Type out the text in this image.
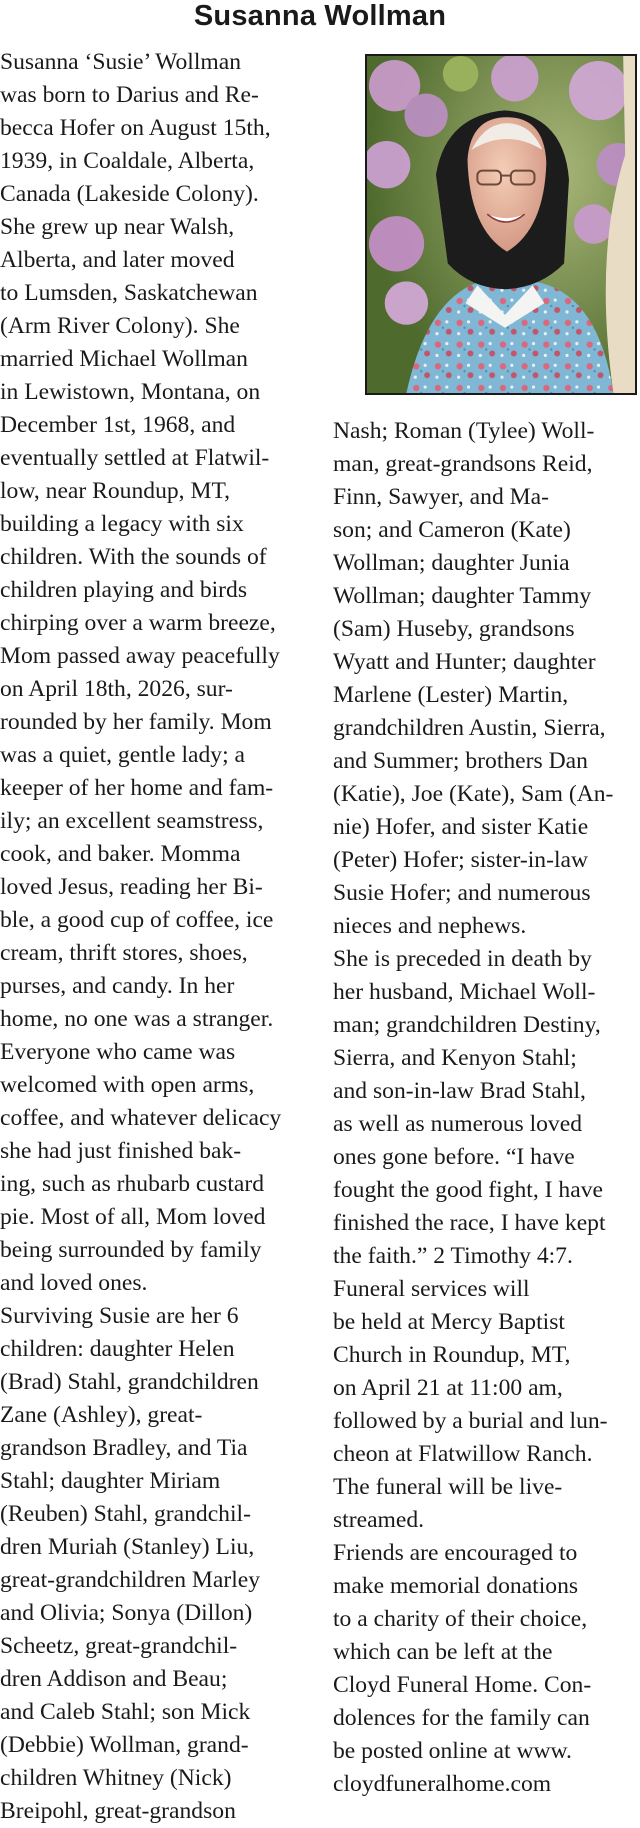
Susanna Wollman

Susanna ‘Susie’ Wollman
was born to Darius and Re-
becca Hofer on August 15th,
1939, in Coaldale, Alberta,
Canada (Lakeside Colony).
She grew up near Walsh,
Alberta, and later moved
to Lumsden, Saskatchewan
(Arm River Colony). She
married Michael Wollman
in Lewistown, Montana, on
December 1st, 1968, and
eventually settled at Flatwil-
low, near Roundup, MT,
building a legacy with six
children. With the sounds of
children playing and birds
chirping over a warm breeze,
Mom passed away peacefully
on April 18th, 2026, sur-
rounded by her family. Mom
was a quiet, gentle lady; a
keeper of her home and fam-
ily; an excellent seamstress,
cook, and baker. Momma
loved Jesus, reading her Bi-
ble, a good cup of coffee, ice
cream, thrift stores, shoes,
purses, and candy. In her
home, no one was a stranger.
Everyone who came was
welcomed with open arms,
coffee, and whatever delicacy
she had just finished bak-
ing, such as rhubarb custard
pie. Most of all, Mom loved
being surrounded by family
and loved ones.

Surviving Susie are her 6
children: daughter Helen
(Brad) Stahl, grandchildren
Zane (Ashley), great-
grandson Bradley, and Tia
Stahl; daughter Miriam
(Reuben) Stahl, grandchil-
dren Muriah (Stanley) Liu,
great-grandchildren Marley
and Olivia; Sonya (Dillon)
Scheetz, great-grandchil-
dren Addison and Beau;
and Caleb Stahl; son Mick
(Debbie) Wollman, grand-
children Whitney (Nick)
Breipohl, great-grandson

Nash; Roman (Tylee) Woll-
man, great-grandsons Reid,
Finn, Sawyer, and Ma-
son; and Cameron (Kate)
Wollman; daughter Junia
Wollman; daughter Tammy
(Sam) Huseby, grandsons
Wyatt and Hunter; daughter
Marlene (Lester) Martin,
grandchildren Austin, Sierra,
and Summer; brothers Dan
(Katie), Joe (Kate), Sam (An-
nie) Hofer, and sister Katie
(Peter) Hofer; sister-in-law
Susie Hofer; and numerous
nieces and nephews.

She is preceded in death by
her husband, Michael Woll-
man; grandchildren Destiny,
Sierra, and Kenyon Stahl;
and son-in-law Brad Stahl,
as well as numerous loved
ones gone before. “I have
fought the good fight, I have
finished the race, I have kept
the faith.” 2 Timothy 4:7.

Funeral services will
be held at Mercy Baptist
Church in Roundup, MT,
on April 21 at 11:00 am,
followed by a burial and lun-
cheon at Flatwillow Ranch.
The funeral will be live-
streamed.

Friends are encouraged to
make memorial donations
to a charity of their choice,
which can be left at the
Cloyd Funeral Home. Con-
dolences for the family can
be posted online at www.
cloydfuneralhome.com
